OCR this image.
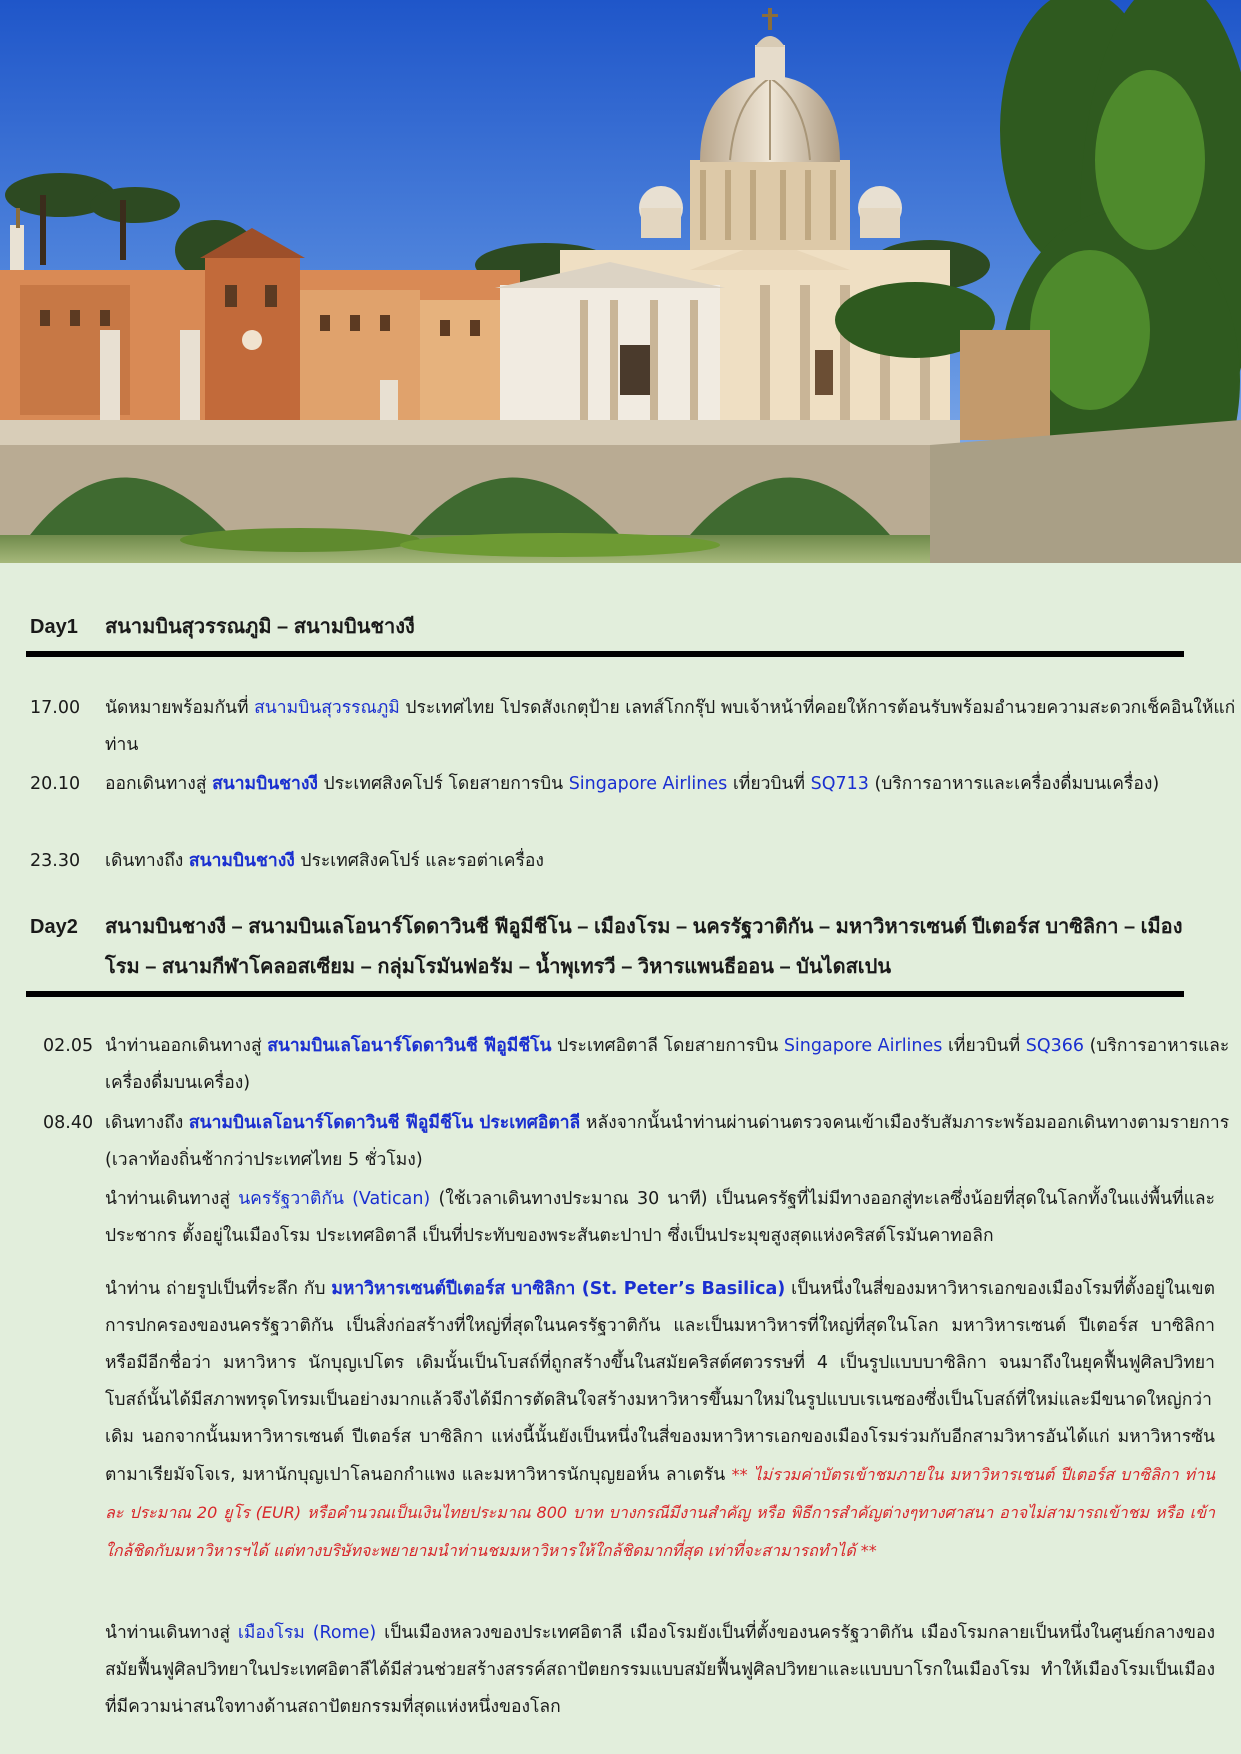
Day1 สนามบินสุวรรณภูมิ – สนามบินชางงี
17.00	นัดหมายพร้อมกันที่ สนามบินสุวรรณภูมิ ประเทศไทย โปรดสังเกตุป้าย เลทส์โกกรุ๊ป พบเจ้าหน้าที่คอยให้การต้อนรับพร้อมอำนวยความสะดวกเช็คอินให้แก่ท่าน
20.10	ออกเดินทางสู่ สนามบินชางงี ประเทศสิงคโปร์ โดยสายการบิน Singapore Airlines เที่ยวบินที่ SQ713 (บริการอาหารและเครื่องดื่มบนเครื่อง)
23.30	เดินทางถึง สนามบินชางงี ประเทศสิงคโปร์ และรอต่าเครื่อง
Day2 สนามบินชางงี – สนามบินเลโอนาร์โดดาวินชี ฟีอูมีชีโน – เมืองโรม – นครรัฐวาติกัน – มหาวิหารเซนต์ ปีเตอร์ส บาซิลิกา – เมืองโรม – สนามกีฬาโคลอสเซียม – กลุ่มโรมันฟอรัม – น้ำพุเทรวี – วิหารแพนธีออน – บันไดสเปน
02.05 นำท่านออกเดินทางสู่ สนามบินเลโอนาร์โดดาวินชี ฟีอูมีชีโน ประเทศอิตาลี โดยสายการบิน Singapore Airlines เที่ยวบินที่ SQ366 (บริการอาหารและเครื่องดื่มบนเครื่อง)
08.40 เดินทางถึง สนามบินเลโอนาร์โดดาวินชี ฟีอูมีชีโน ประเทศอิตาลี หลังจากนั้นนำท่านผ่านด่านตรวจคนเข้าเมืองรับสัมภาระพร้อมออกเดินทางตามรายการ (เวลาท้องถิ่นช้ากว่าประเทศไทย 5 ชั่วโมง)
นำท่านเดินทางสู่ นครรัฐวาติกัน (Vatican) (ใช้เวลาเดินทางประมาณ 30 นาที) เป็นนครรัฐที่ไม่มีทางออกสู่ทะเลซึ่งน้อยที่สุดในโลกทั้งในแง่พื้นที่และประชากร ตั้งอยู่ในเมืองโรม ประเทศอิตาลี เป็นที่ประทับของพระสันตะปาปา ซึ่งเป็นประมุขสูงสุดแห่งคริสต์โรมันคาทอลิก
นำท่าน ถ่ายรูปเป็นที่ระลึก กับ มหาวิหารเซนต์ปีเตอร์ส บาซิลิกา (St. Peter’s Basilica) เป็นหนึ่งในสี่ของมหาวิหารเอกของเมืองโรมที่ตั้งอยู่ในเขตการปกครองของนครรัฐวาติกัน เป็นสิ่งก่อสร้างที่ใหญ่ที่สุดในนครรัฐวาติกัน และเป็นมหาวิหารที่ใหญ่ที่สุดในโลก มหาวิหารเซนต์ ปีเตอร์ส บาซิลิกา หรือมีอีกชื่อว่า มหาวิหาร นักบุญเปโตร เดิมนั้นเป็นโบสถ์ที่ถูกสร้างขึ้นในสมัยคริสต์ศตวรรษที่ 4 เป็นรูปแบบบาซิลิกา จนมาถึงในยุคฟื้นฟูศิลปวิทยาโบสถ์นั้นได้มีสภาพทรุดโทรมเป็นอย่างมากแล้วจึงได้มีการตัดสินใจสร้างมหาวิหารขึ้นมาใหม่ในรูปแบบเรเนซองซึ่งเป็นโบสถ์ที่ใหม่และมีขนาดใหญ่กว่าเดิม นอกจากนั้นมหาวิหารเซนต์ ปีเตอร์ส บาซิลิกา แห่งนี้นั้นยังเป็นหนึ่งในสี่ของมหาวิหารเอกของเมืองโรมร่วมกับอีกสามวิหารอันได้แก่ มหาวิหารซันตามาเรียมัจโจเร, มหานักบุญเปาโลนอกกำแพง และมหาวิหารนักบุญยอห์น ลาเตรัน ** ไม่รวมค่าบัตรเข้าชมภายใน มหาวิหารเซนต์ ปีเตอร์ส บาซิลิกา ท่านละ ประมาณ 20 ยูโร (EUR) หรือคำนวณเป็นเงินไทยประมาณ 800 บาท บางกรณีมีงานสำคัญ หรือ พิธีการสำคัญต่างๆทางศาสนา อาจไม่สามารถเข้าชม หรือ เข้าใกล้ชิดกับมหาวิหารฯได้ แต่ทางบริษัทจะพยายามนำท่านชมมหาวิหารให้ใกล้ชิดมากที่สุด เท่าที่จะสามารถทำได้ **
นำท่านเดินทางสู่ เมืองโรม (Rome) เป็นเมืองหลวงของประเทศอิตาลี เมืองโรมยังเป็นที่ตั้งของนครรัฐวาติกัน เมืองโรมกลายเป็นหนึ่งในศูนย์กลางของสมัยฟื้นฟูศิลปวิทยาในประเทศอิตาลีได้มีส่วนช่วยสร้างสรรค์สถาปัตยกรรมแบบสมัยฟื้นฟูศิลปวิทยาและแบบบาโรกในเมืองโรม ทำให้เมืองโรมเป็นเมืองที่มีความน่าสนใจทางด้านสถาปัตยกรรมที่สุดแห่งหนึ่งของโลก
